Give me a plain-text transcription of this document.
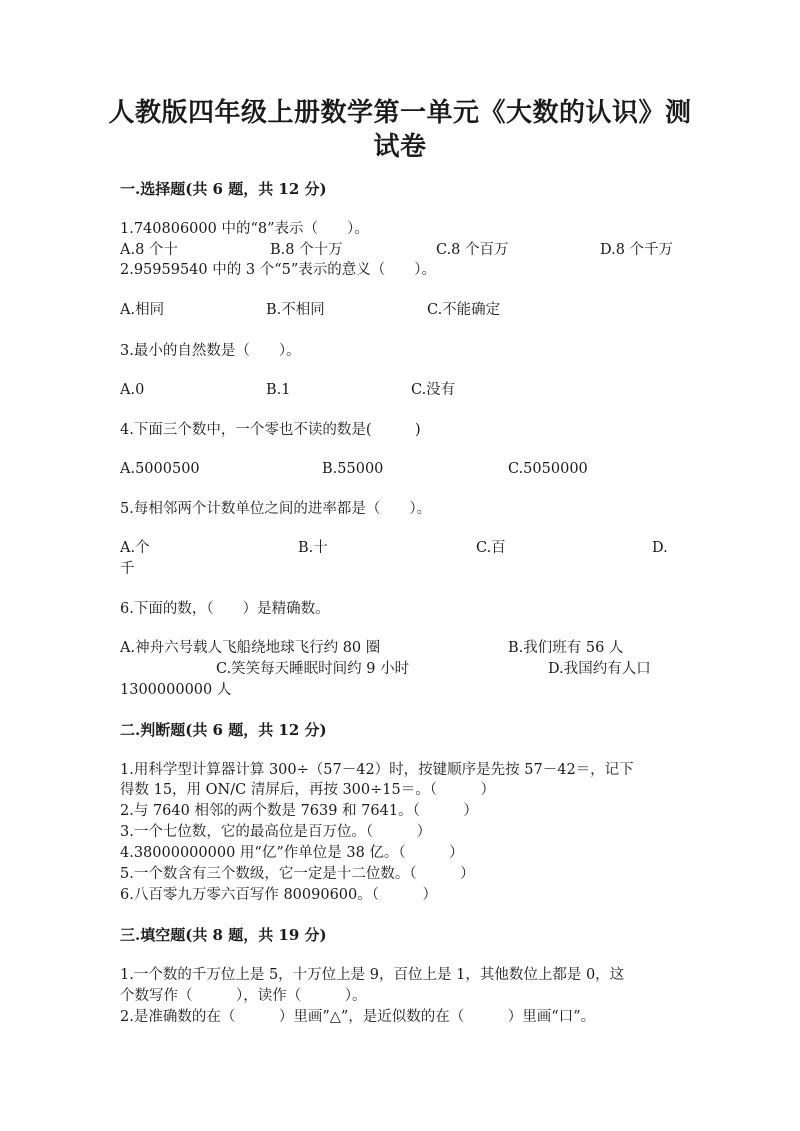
人教版四年级上册数学第一单元《大数的认识》测
试卷
一.选择题(共 6 题，共 12 分)
1.740806000 中的“8”表示（　　）。
A.8 个十	B.8 个十万	C.8 个百万	D.8 个千万
2.95959540 中的 3 个“5”表示的意义（　　）。
A.相同	B.不相同	C.不能确定
3.最小的自然数是（　　）。
A.0	B.1	C.没有
4.下面三个数中，一个零也不读的数是(　　　)
A.5000500	B.55000	C.5050000
5.每相邻两个计数单位之间的进率都是（　　）。
A.个	B.十	C.百	D.
千
6.下面的数，（　　）是精确数。
A.神舟六号载人飞船绕地球飞行约 80 圈	B.我们班有 56 人
C.笑笑每天睡眠时间约 9 小时	D.我国约有人口
1300000000 人
二.判断题(共 6 题，共 12 分)
1.用科学型计算器计算 300÷（57－42）时，按键顺序是先按 57－42＝，记下
得数 15，用 ON/C 清屏后，再按 300÷15＝。（　　　）
2.与 7640 相邻的两个数是 7639 和 7641。（　　　）
3.一个七位数，它的最高位是百万位。（　　　）
4.38000000000 用“亿”作单位是 38 亿。（　　　）
5.一个数含有三个数级，它一定是十二位数。（　　　）
6.八百零九万零六百写作 80090600。（　　　）
三.填空题(共 8 题，共 19 分)
1.一个数的千万位上是 5，十万位上是 9，百位上是 1，其他数位上都是 0，这
个数写作（　　　），读作（　　　）。
2.是准确数的在（　　　）里画”△”，是近似数的在（　　　）里画“口”。
